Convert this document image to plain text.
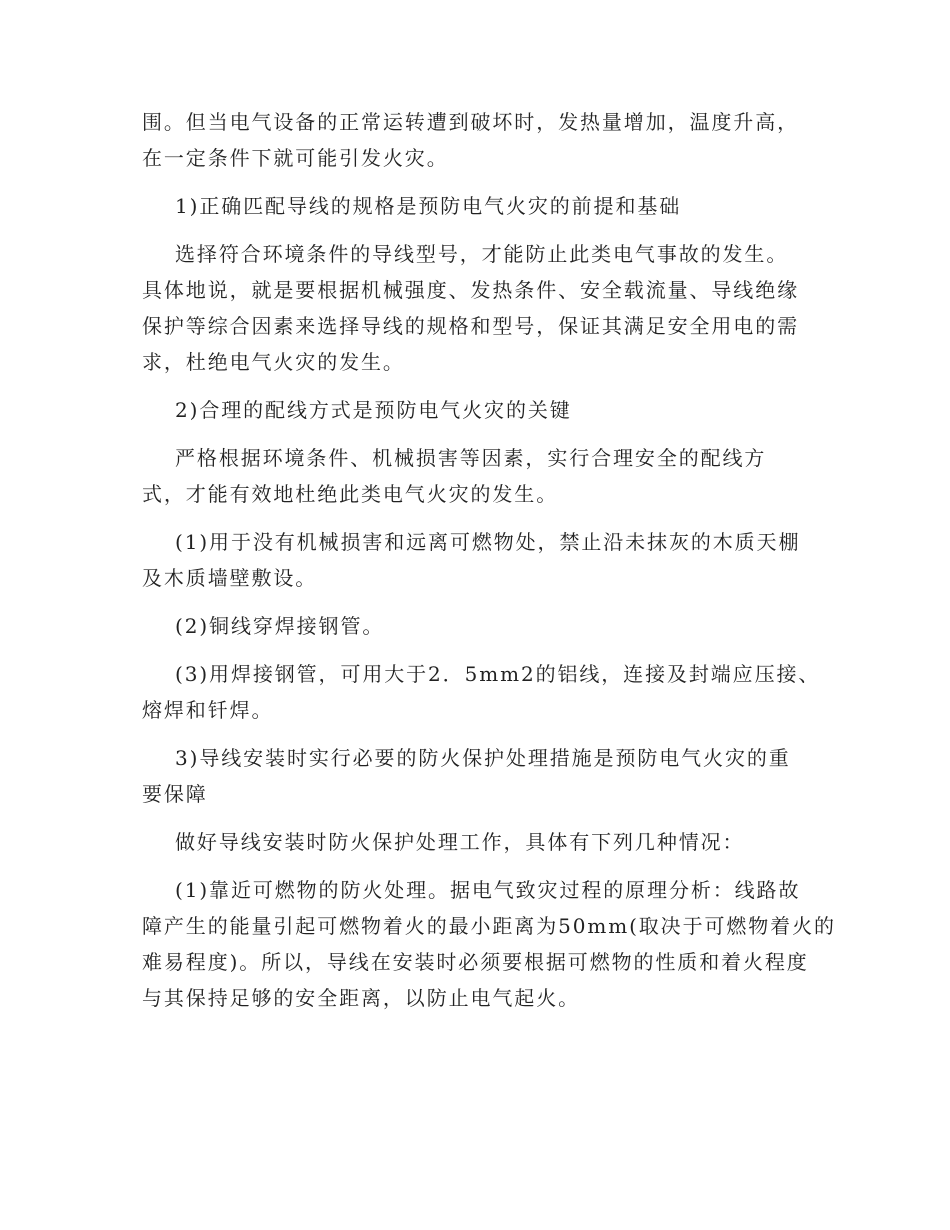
围。但当电气设备的正常运转遭到破坏时，发热量增加，温度升高，
在一定条件下就可能引发火灾。
1)正确匹配导线的规格是预防电气火灾的前提和基础
选择符合环境条件的导线型号，才能防止此类电气事故的发生。
具体地说，就是要根据机械强度、发热条件、安全载流量、导线绝缘
保护等综合因素来选择导线的规格和型号，保证其满足安全用电的需
求，杜绝电气火灾的发生。
2)合理的配线方式是预防电气火灾的关键
严格根据环境条件、机械损害等因素，实行合理安全的配线方
式，才能有效地杜绝此类电气火灾的发生。
(1)用于没有机械损害和远离可燃物处，禁止沿未抹灰的木质天棚
及木质墙壁敷设。
(2)铜线穿焊接钢管。
(3)用焊接钢管，可用大于2．5mm2的铝线，连接及封端应压接、
熔焊和钎焊。
3)导线安装时实行必要的防火保护处理措施是预防电气火灾的重
要保障
做好导线安装时防火保护处理工作，具体有下列几种情况：
(1)靠近可燃物的防火处理。据电气致灾过程的原理分析：线路故
障产生的能量引起可燃物着火的最小距离为50mm(取决于可燃物着火的
难易程度)。所以，导线在安装时必须要根据可燃物的性质和着火程度
与其保持足够的安全距离，以防止电气起火。
